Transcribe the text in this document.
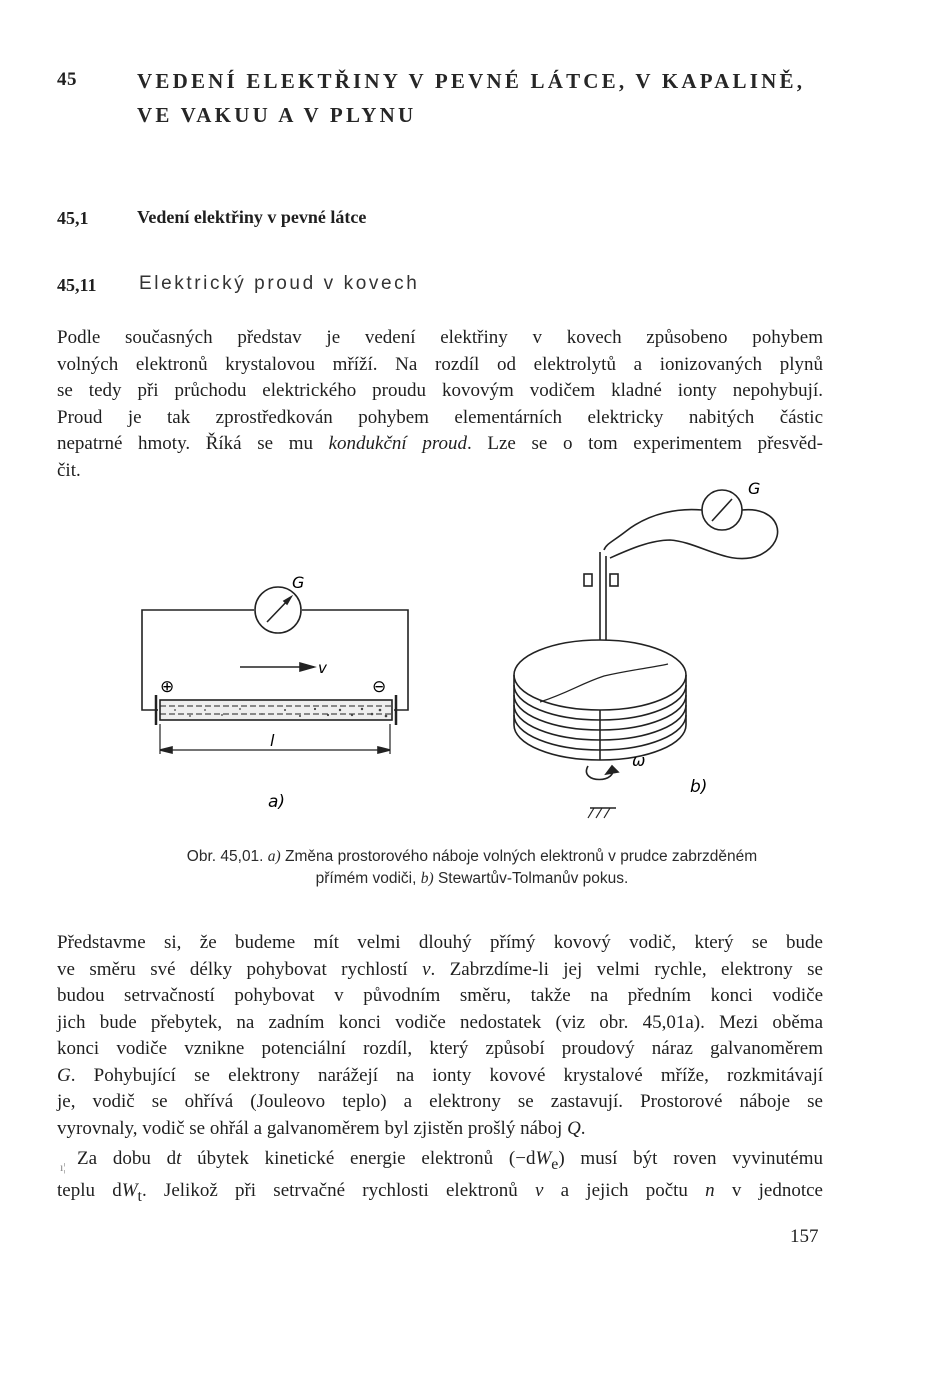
45	VEDENÍ ELEKTŘINY V PEVNÉ LÁTCE, V KAPALINĚ,
VE VAKUU A V PLYNU
45,1	Vedení elektřiny v pevné látce
45,11 Elektrický proud v kovech
Podle současných představ je vedení elektřiny v kovech způsobeno pohybem
volných elektronů krystalovou mříží. Na rozdíl od elektrolytů a ionizovaných plynů
se tedy při průchodu elektrického proudu kovovým vodičem kladné ionty nepohybují.
Proud je tak zprostředkován pohybem elementárních elektricky nabitých částic
nepatrné hmoty. Říká se mu kondukční proud. Lze se o tom experimentem přesvěd-
čit.
G
v
⊕	⊖
l
a)
G
ω
b)
Obr. 45,01. a) Změna prostorového náboje volných elektronů v prudce zabrzděném
přímém vodiči, b) Stewartův-Tolmanův pokus.
Představme si, že budeme mít velmi dlouhý přímý kovový vodič, který se bude
ve směru své délky pohybovat rychlostí v. Zabrzdíme-li jej velmi rychle, elektrony se
budou setrvačností pohybovat v původním směru, takže na předním konci vodiče
jich bude přebytek, na zadním konci vodiče nedostatek (viz obr. 45,01a). Mezi oběma
konci vodiče vznikne potenciální rozdíl, který způsobí proudový náraz galvanoměrem
G. Pohybující se elektrony narážejí na ionty kovové krystalové mříže, rozkmitávají
je, vodič se ohřívá (Jouleovo teplo) a elektrony se zastavují. Prostorové náboje se
vyrovnaly, vodič se ohřál a galvanoměrem byl zjistěn prošlý náboj Q.
ı¦ Za dobu dt úbytek kinetické energie elektronů $(-dW_e)$ musí být roven vyvinutému
teplu $dW_t$. Jelikož při setrvačné rychlosti elektronů v a jejich počtu n v jednotce
157
